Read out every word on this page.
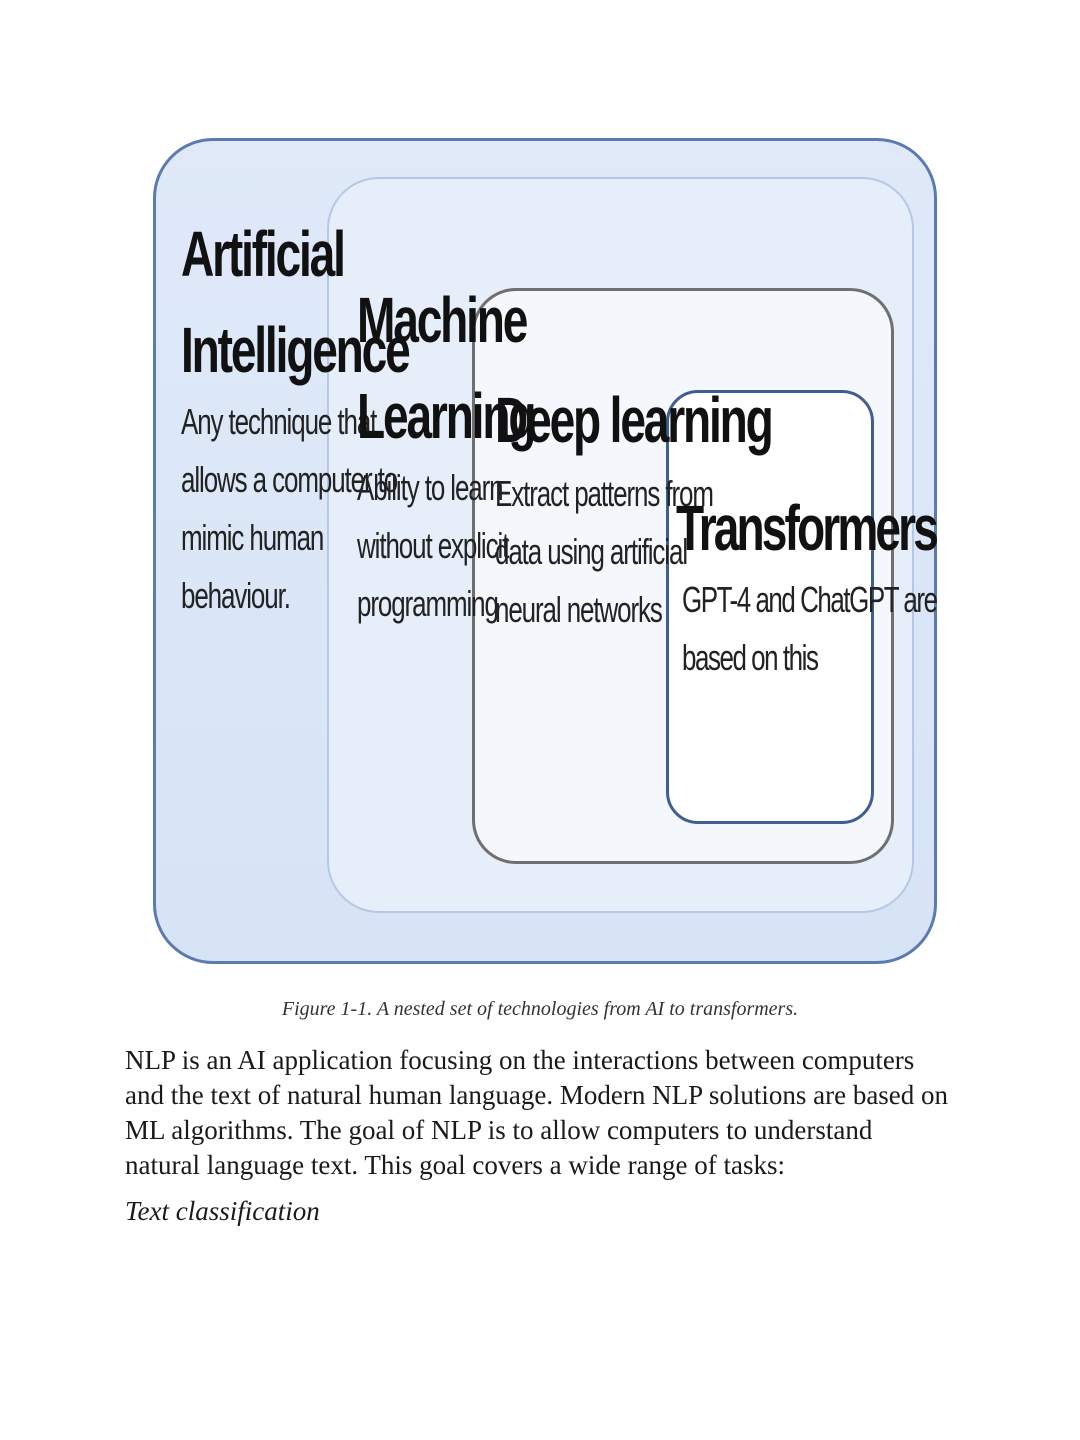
Artificial
Intelligence
Any technique that
allows a computer to
mimic human
behaviour.
Machine
Learning
Ability to learn
without explicit
programming
Deep learning
Extract patterns from
data using artificial
neural networks
Transformers
GPT-4 and ChatGPT are
based on this
Figure 1-1. A nested set of technologies from AI to transformers.
NLP is an AI application focusing on the interactions between computers
and the text of natural human language. Modern NLP solutions are based on
ML algorithms. The goal of NLP is to allow computers to understand
natural language text. This goal covers a wide range of tasks:
Text classification
